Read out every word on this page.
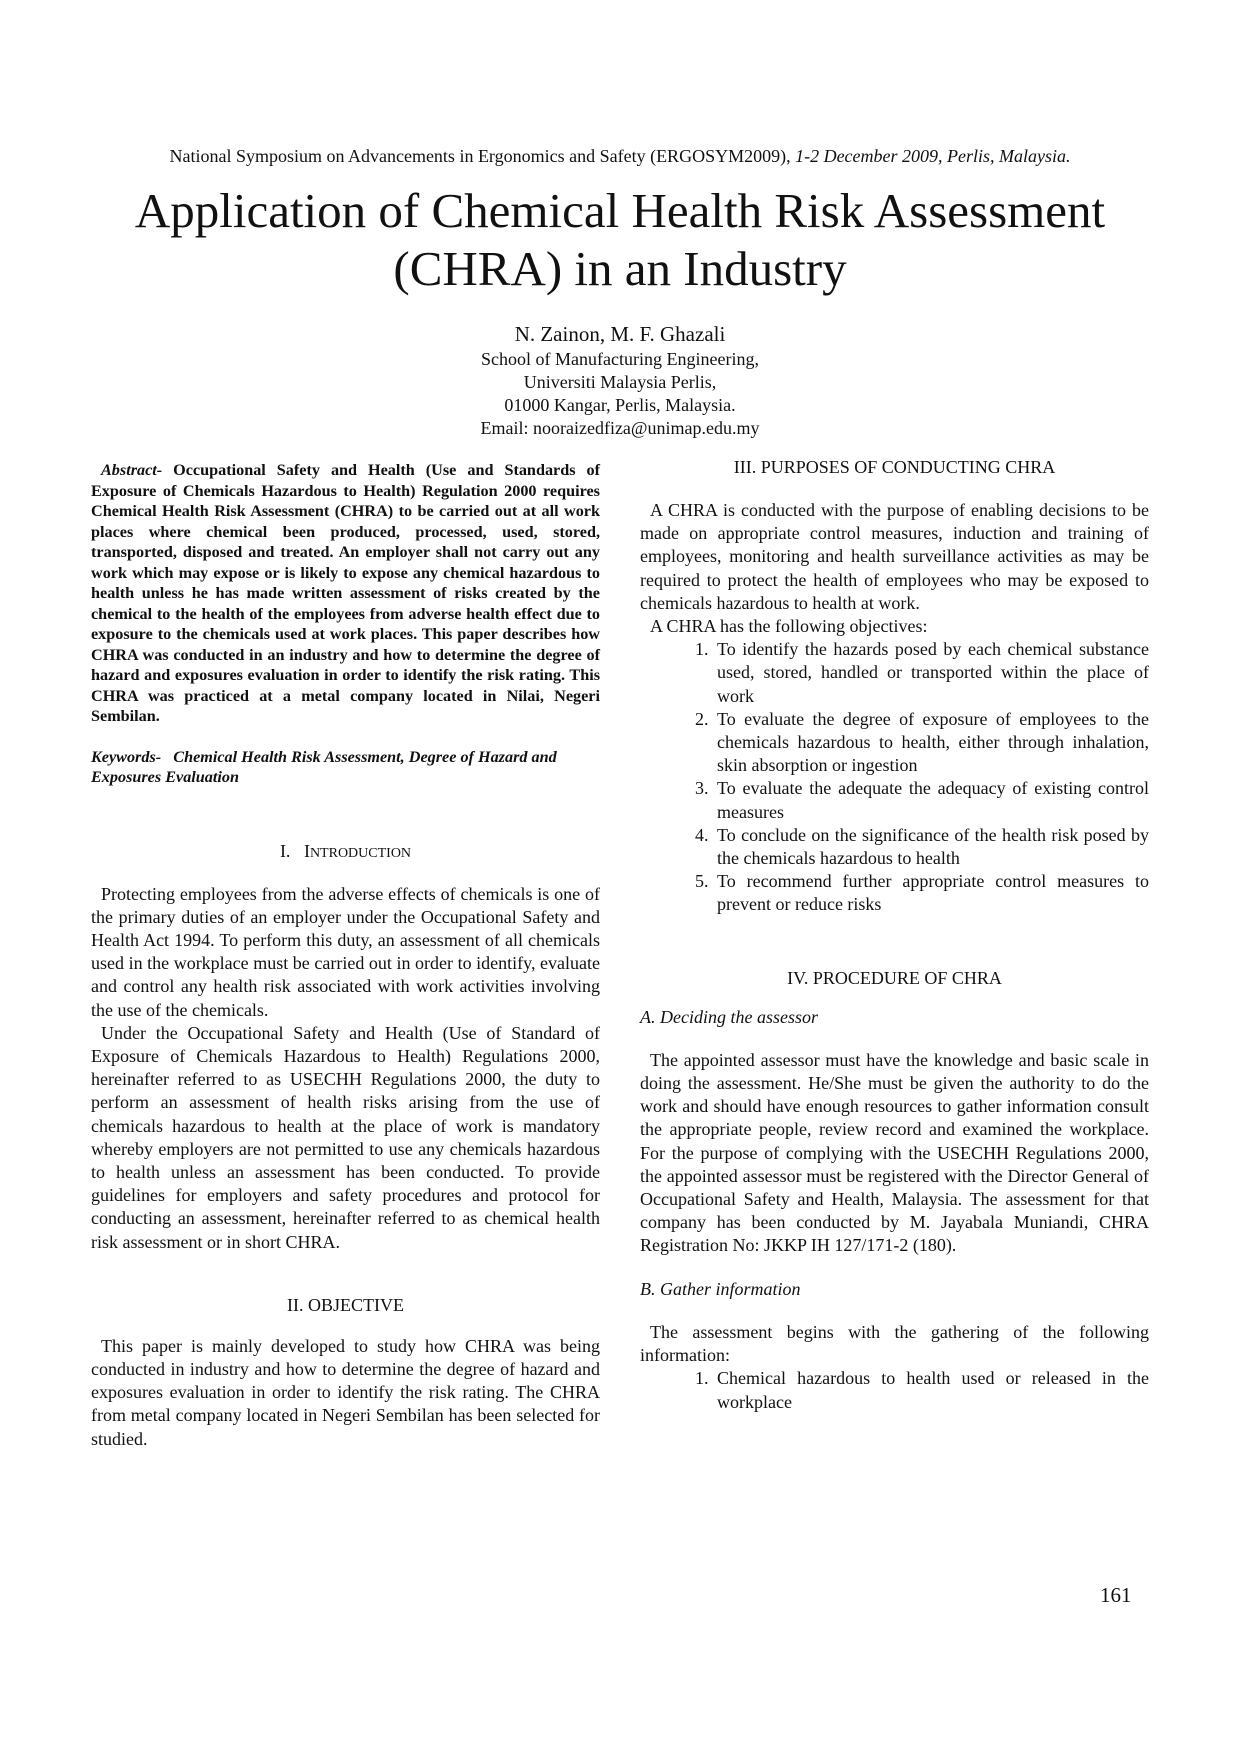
National Symposium on Advancements in Ergonomics and Safety (ERGOSYM2009), 1-2 December 2009, Perlis, Malaysia.
Application of Chemical Health Risk Assessment
(CHRA) in an Industry
N. Zainon, M. F. Ghazali
School of Manufacturing Engineering,
Universiti Malaysia Perlis,
01000 Kangar, Perlis, Malaysia.
Email: nooraizedfiza@unimap.edu.my

Abstract- Occupational Safety and Health (Use and Standards of Exposure of Chemicals Hazardous to Health) Regulation 2000 requires Chemical Health Risk Assessment (CHRA) to be carried out at all work places where chemical been produced, processed, used, stored, transported, disposed and treated. An employer shall not carry out any work which may expose or is likely to expose any chemical hazardous to health unless he has made written assessment of risks created by the chemical to the health of the employees from adverse health effect due to exposure to the chemicals used at work places. This paper describes how CHRA was conducted in an industry and how to determine the degree of hazard and exposures evaluation in order to identify the risk rating. This CHRA was practiced at a metal company located in Nilai, Negeri Sembilan.

Keywords- Chemical Health Risk Assessment, Degree of Hazard and Exposures Evaluation

I. INTRODUCTION

Protecting employees from the adverse effects of chemicals is one of the primary duties of an employer under the Occupational Safety and Health Act 1994. To perform this duty, an assessment of all chemicals used in the workplace must be carried out in order to identify, evaluate and control any health risk associated with work activities involving the use of the chemicals.

Under the Occupational Safety and Health (Use of Standard of Exposure of Chemicals Hazardous to Health) Regulations 2000, hereinafter referred to as USECHH Regulations 2000, the duty to perform an assessment of health risks arising from the use of chemicals hazardous to health at the place of work is mandatory whereby employers are not permitted to use any chemicals hazardous to health unless an assessment has been conducted. To provide guidelines for employers and safety procedures and protocol for conducting an assessment, hereinafter referred to as chemical health risk assessment or in short CHRA.

II. OBJECTIVE

This paper is mainly developed to study how CHRA was being conducted in industry and how to determine the degree of hazard and exposures evaluation in order to identify the risk rating. The CHRA from metal company located in Negeri Sembilan has been selected for studied.

III. PURPOSES OF CONDUCTING CHRA

A CHRA is conducted with the purpose of enabling decisions to be made on appropriate control measures, induction and training of employees, monitoring and health surveillance activities as may be required to protect the health of employees who may be exposed to chemicals hazardous to health at work.

A CHRA has the following objectives:

1. To identify the hazards posed by each chemical substance used, stored, handled or transported within the place of work
2. To evaluate the degree of exposure of employees to the chemicals hazardous to health, either through inhalation, skin absorption or ingestion
3. To evaluate the adequate the adequacy of existing control measures
4. To conclude on the significance of the health risk posed by the chemicals hazardous to health
5. To recommend further appropriate control measures to prevent or reduce risks
IV. PROCEDURE OF CHRA
A. Deciding the assessor

The appointed assessor must have the knowledge and basic scale in doing the assessment. He/She must be given the authority to do the work and should have enough resources to gather information consult the appropriate people, review record and examined the workplace. For the purpose of complying with the USECHH Regulations 2000, the appointed assessor must be registered with the Director General of Occupational Safety and Health, Malaysia. The assessment for that company has been conducted by M. Jayabala Muniandi, CHRA Registration No: JKKP IH 127/171-2 (180).

B. Gather information

The assessment begins with the gathering of the following information:

1. Chemical hazardous to health used or released in the workplace
161
